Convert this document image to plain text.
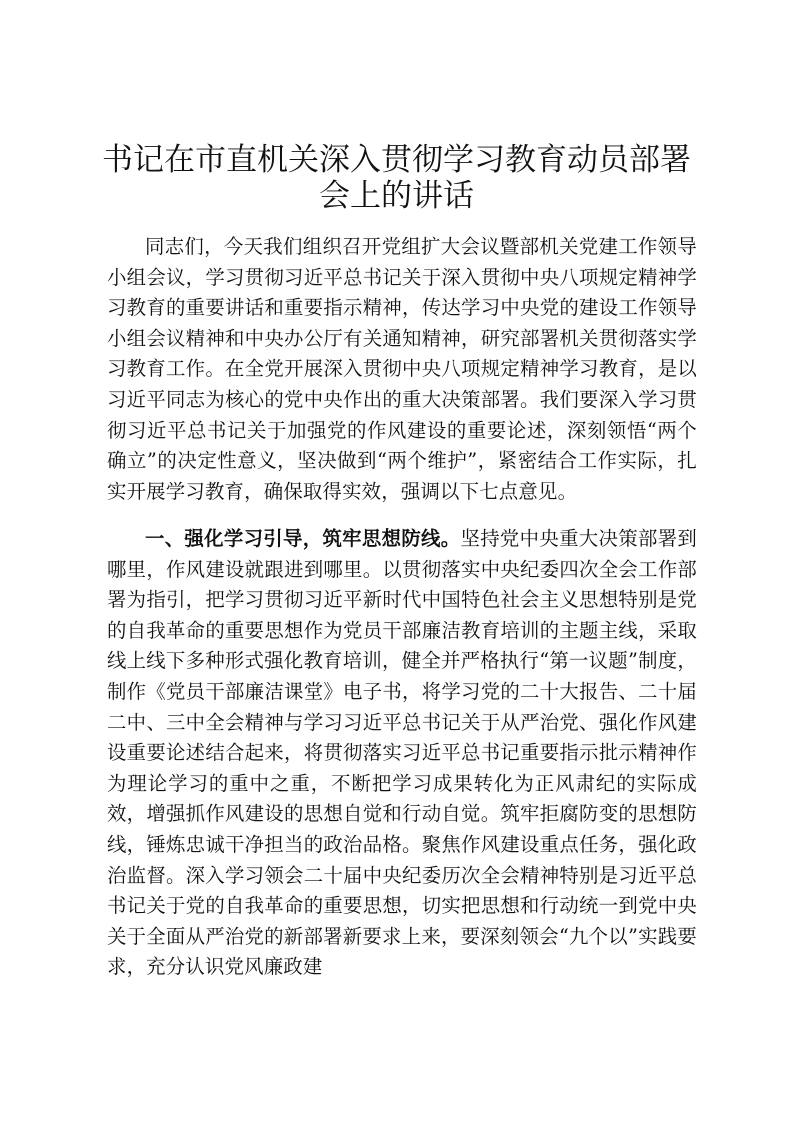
书记在市直机关深入贯彻学习教育动员部署会上的讲话

同志们，今天我们组织召开党组扩大会议暨部机关党建工作领导小组会议，学习贯彻习近平总书记关于深入贯彻中央八项规定精神学习教育的重要讲话和重要指示精神，传达学习中央党的建设工作领导小组会议精神和中央办公厅有关通知精神，研究部署机关贯彻落实学习教育工作。在全党开展深入贯彻中央八项规定精神学习教育，是以习近平同志为核心的党中央作出的重大决策部署。我们要深入学习贯彻习近平总书记关于加强党的作风建设的重要论述，深刻领悟“两个确立”的决定性意义，坚决做到“两个维护”，紧密结合工作实际，扎实开展学习教育，确保取得实效，强调以下七点意见。

一、强化学习引导，筑牢思想防线。坚持党中央重大决策部署到哪里，作风建设就跟进到哪里。以贯彻落实中央纪委四次全会工作部署为指引，把学习贯彻习近平新时代中国特色社会主义思想特别是党的自我革命的重要思想作为党员干部廉洁教育培训的主题主线，采取线上线下多种形式强化教育培训，健全并严格执行“第一议题”制度，制作《党员干部廉洁课堂》电子书，将学习党的二十大报告、二十届二中、三中全会精神与学习习近平总书记关于从严治党、强化作风建设重要论述结合起来，将贯彻落实习近平总书记重要指示批示精神作为理论学习的重中之重，不断把学习成果转化为正风肃纪的实际成效，增强抓作风建设的思想自觉和行动自觉。筑牢拒腐防变的思想防线，锤炼忠诚干净担当的政治品格。聚焦作风建设重点任务，强化政治监督。深入学习领会二十届中央纪委历次全会精神特别是习近平总书记关于党的自我革命的重要思想，切实把思想和行动统一到党中央关于全面从严治党的新部署新要求上来，要深刻领会“九个以”实践要求，充分认识党风廉政建
